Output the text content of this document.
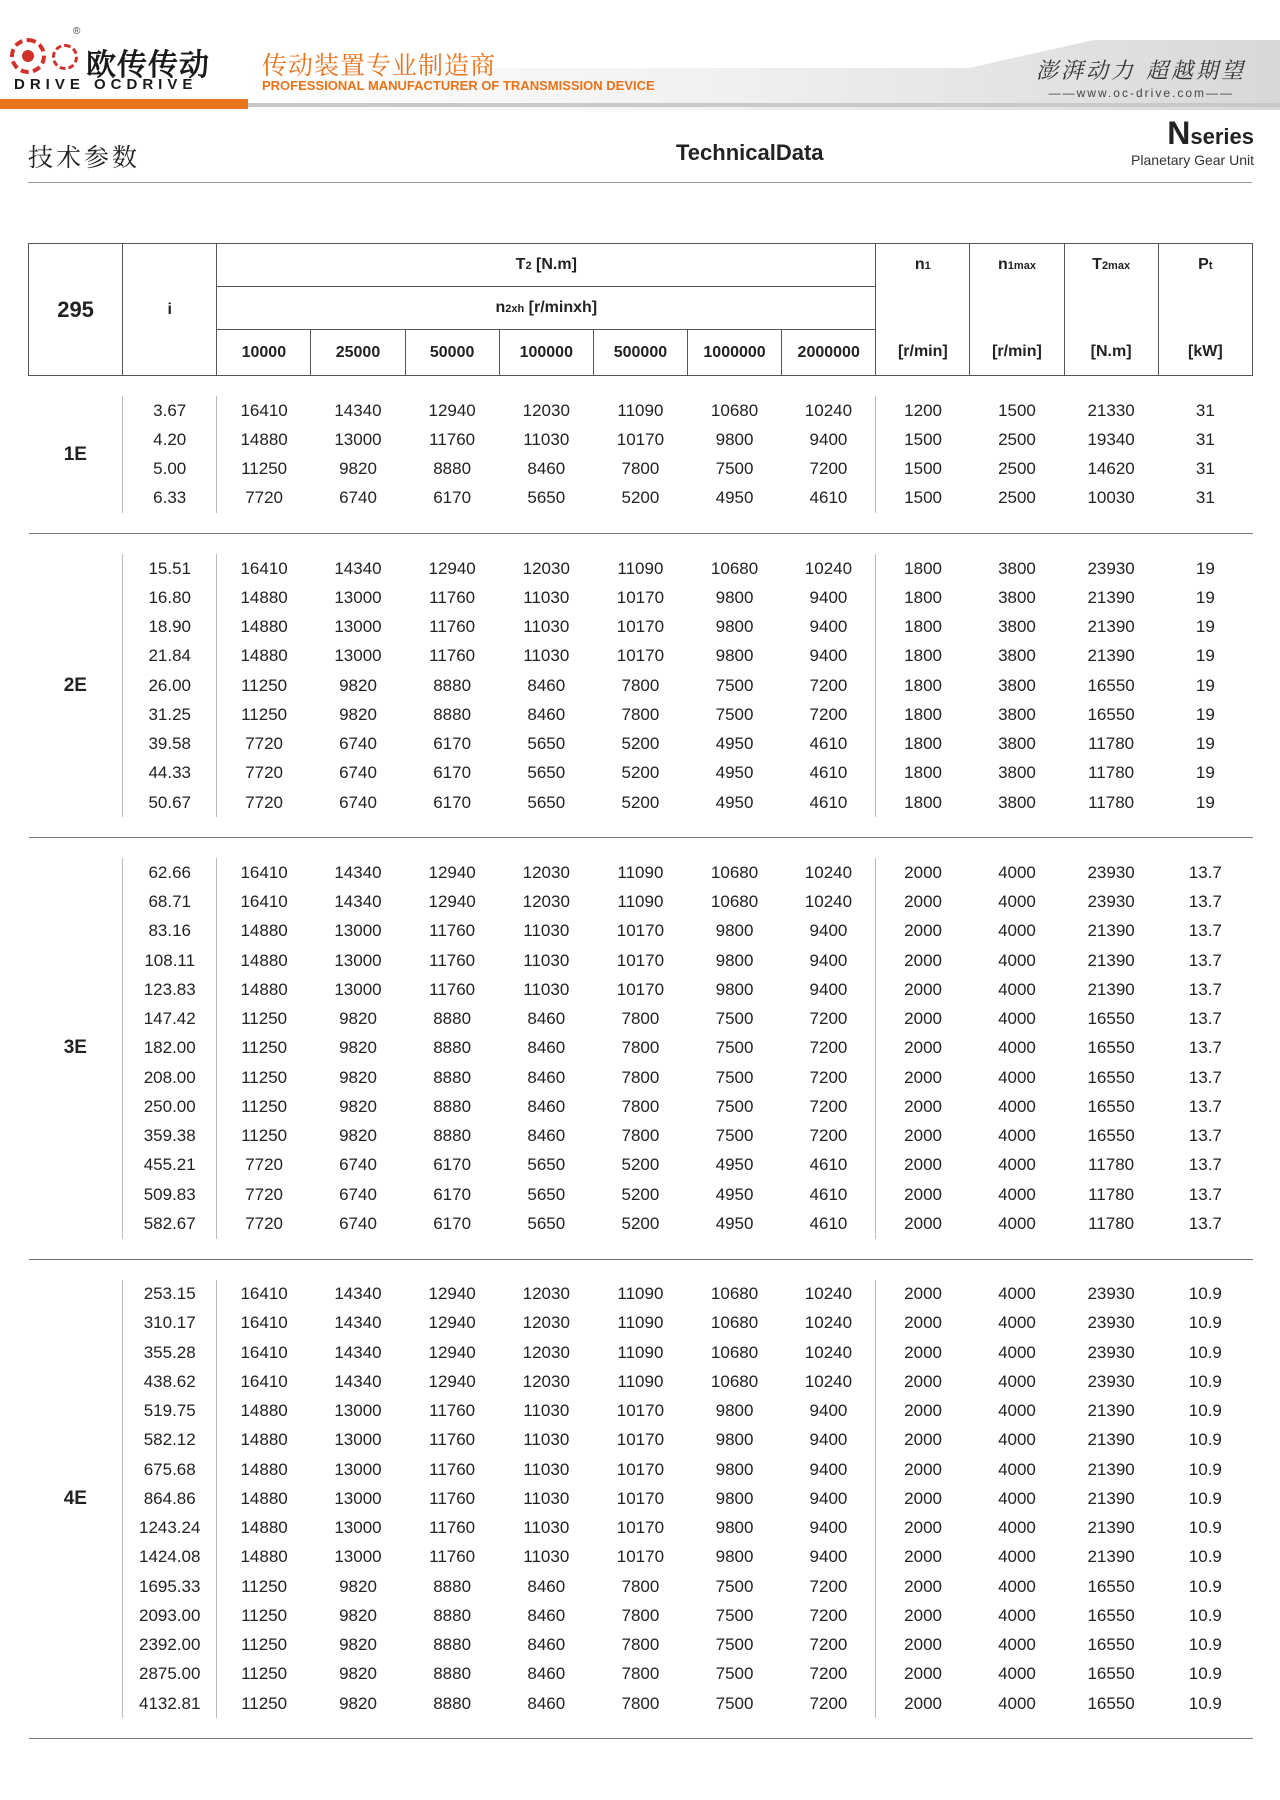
®
欧传传动
DRIVE OCDRIVE
传动装置专业制造商
PROFESSIONAL MANUFACTURER OF TRANSMISSION DEVICE
澎湃动力 超越期望
——www.oc-drive.com——
技术参数	TechnicalData
Nseries
Planetary Gear Unit
295	i	T2 [N.m]							n1	n1max	T2max	Pt
		n2xh [r/minxh]										
		10000	25000	50000	100000	500000	1000000	2000000	[r/min]	[r/min]	[N.m]	[kW]

1E	3.67	16410	14340	12940	12030	11090	10680	10240	1200	1500	21330	31
	4.20	14880	13000	11760	11030	10170	9800	9400	1500	2500	19340	31
	5.00	11250	9820	8880	8460	7800	7500	7200	1500	2500	14620	31
	6.33	7720	6740	6170	5650	5200	4950	4610	1500	2500	10030	31

2E	15.51	16410	14340	12940	12030	11090	10680	10240	1800	3800	23930	19
	16.80	14880	13000	11760	11030	10170	9800	9400	1800	3800	21390	19
	18.90	14880	13000	11760	11030	10170	9800	9400	1800	3800	21390	19
	21.84	14880	13000	11760	11030	10170	9800	9400	1800	3800	21390	19
	26.00	11250	9820	8880	8460	7800	7500	7200	1800	3800	16550	19
	31.25	11250	9820	8880	8460	7800	7500	7200	1800	3800	16550	19
	39.58	7720	6740	6170	5650	5200	4950	4610	1800	3800	11780	19
	44.33	7720	6740	6170	5650	5200	4950	4610	1800	3800	11780	19
	50.67	7720	6740	6170	5650	5200	4950	4610	1800	3800	11780	19

3E	62.66	16410	14340	12940	12030	11090	10680	10240	2000	4000	23930	13.7
	68.71	16410	14340	12940	12030	11090	10680	10240	2000	4000	23930	13.7
	83.16	14880	13000	11760	11030	10170	9800	9400	2000	4000	21390	13.7
	108.11	14880	13000	11760	11030	10170	9800	9400	2000	4000	21390	13.7
	123.83	14880	13000	11760	11030	10170	9800	9400	2000	4000	21390	13.7
	147.42	11250	9820	8880	8460	7800	7500	7200	2000	4000	16550	13.7
	182.00	11250	9820	8880	8460	7800	7500	7200	2000	4000	16550	13.7
	208.00	11250	9820	8880	8460	7800	7500	7200	2000	4000	16550	13.7
	250.00	11250	9820	8880	8460	7800	7500	7200	2000	4000	16550	13.7
	359.38	11250	9820	8880	8460	7800	7500	7200	2000	4000	16550	13.7
	455.21	7720	6740	6170	5650	5200	4950	4610	2000	4000	11780	13.7
	509.83	7720	6740	6170	5650	5200	4950	4610	2000	4000	11780	13.7
	582.67	7720	6740	6170	5650	5200	4950	4610	2000	4000	11780	13.7

4E	253.15	16410	14340	12940	12030	11090	10680	10240	2000	4000	23930	10.9
	310.17	16410	14340	12940	12030	11090	10680	10240	2000	4000	23930	10.9
	355.28	16410	14340	12940	12030	11090	10680	10240	2000	4000	23930	10.9
	438.62	16410	14340	12940	12030	11090	10680	10240	2000	4000	23930	10.9
	519.75	14880	13000	11760	11030	10170	9800	9400	2000	4000	21390	10.9
	582.12	14880	13000	11760	11030	10170	9800	9400	2000	4000	21390	10.9
	675.68	14880	13000	11760	11030	10170	9800	9400	2000	4000	21390	10.9
	864.86	14880	13000	11760	11030	10170	9800	9400	2000	4000	21390	10.9
	1243.24	14880	13000	11760	11030	10170	9800	9400	2000	4000	21390	10.9
	1424.08	14880	13000	11760	11030	10170	9800	9400	2000	4000	21390	10.9
	1695.33	11250	9820	8880	8460	7800	7500	7200	2000	4000	16550	10.9
	2093.00	11250	9820	8880	8460	7800	7500	7200	2000	4000	16550	10.9
	2392.00	11250	9820	8880	8460	7800	7500	7200	2000	4000	16550	10.9
	2875.00	11250	9820	8880	8460	7800	7500	7200	2000	4000	16550	10.9
	4132.81	11250	9820	8880	8460	7800	7500	7200	2000	4000	16550	10.9
